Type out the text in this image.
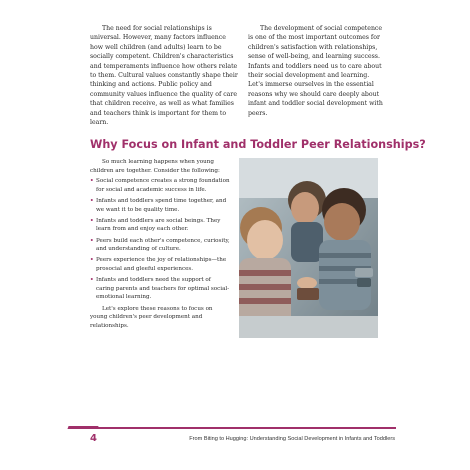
The need for social relationships is universal. However, many factors influence how well children (and adults) learn to be socially competent. Children's characteristics and temperaments influence how others relate to them. Cultural values constantly shape their thinking and actions. Public policy and community values influence the quality of care that children receive, as well as what families and teachers think is important for them to learn.

The development of social competence is one of the most important outcomes for children's satisfaction with relationships, sense of well-being, and learning success. Infants and toddlers need us to care about their social development and learning. Let's immerse ourselves in the essential reasons why we should care deeply about infant and toddler social development with peers.

Why Focus on Infant and Toddler Peer Relationships?

So much learning happens when young children are together. Consider the following:

• Social competence creates a strong foundation for social and academic success in life.
• Infants and toddlers spend time together, and we want it to be quality time.
• Infants and toddlers are social beings. They learn from and enjoy each other.
• Peers build each other's competence, curiosity, and understanding of culture.
• Peers experience the joy of relationships—the prosocial and gleeful experiences.
• Infants and toddlers need the support of caring parents and teachers for optimal social-emotional learning.

Let's explore these reasons to focus on young children's peer development and relationships.

4	From Biting to Hugging: Understanding Social Development in Infants and Toddlers
